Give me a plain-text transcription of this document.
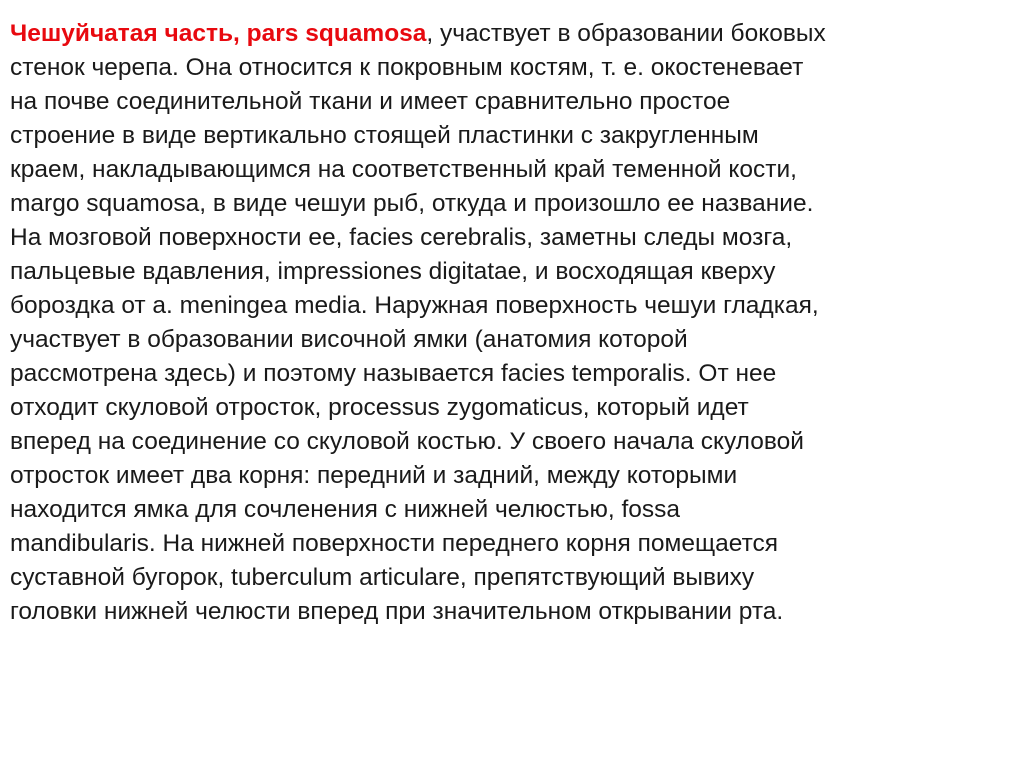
Чешуйчатая часть, pars squamosa, участвует в образовании боковых
стенок черепа. Она относится к покровным костям, т. е. окостеневает
на почве соединительной ткани и имеет сравнительно простое
строение в виде вертикально стоящей пластинки с закругленным
краем, накладывающимся на соответственный край теменной кости,
margo squamosa, в виде чешуи рыб, откуда и произошло ее название.
На мозговой поверхности ее, facies cerebralis, заметны следы мозга,
пальцевые вдавления, impressiones digitatae, и восходящая кверху
бороздка от a. meningea media. Наружная поверхность чешуи гладкая,
участвует в образовании височной ямки (анатомия которой
рассмотрена здесь) и поэтому называется facies temporalis. От нее
отходит скуловой отросток, processus zygomaticus, который идет
вперед на соединение со скуловой костью. У своего начала скуловой
отросток имеет два корня: передний и задний, между которыми
находится ямка для сочленения с нижней челюстью, fossa
mandibularis. На нижней поверхности переднего корня помещается
суставной бугорок, tuberculum articulare, препятствующий вывиху
головки нижней челюсти вперед при значительном открывании рта.
